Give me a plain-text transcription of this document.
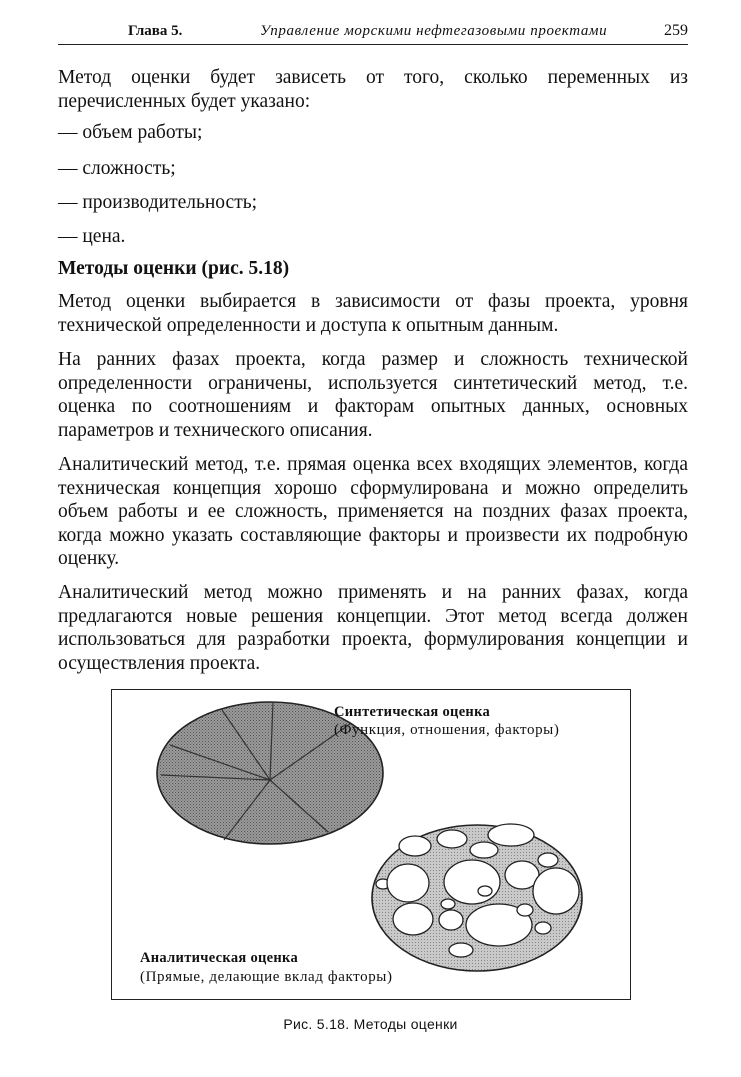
Глава 5.	Управление морскими нефтегазовыми проектами	259

Метод оценки будет зависеть от того, сколько переменных из перечисленных будет указано:

— объем работы;
— сложность;
— производительность;
— цена.
Методы оценки (рис. 5.18)

Метод оценки выбирается в зависимости от фазы проекта, уровня технической определенности и доступа к опытным данным.

На ранних фазах проекта, когда размер и сложность технической определенности ограничены, используется синтетический метод, т.е. оценка по соотношениям и факторам опытных данных, основных параметров и технического описания.

Аналитический метод, т.е. прямая оценка всех входящих элементов, когда техническая концепция хорошо сформулирована и можно определить объем работы и ее сложность, применяется на поздних фазах проекта, когда можно указать составляющие факторы и произвести их подробную оценку.

Аналитический метод можно применять и на ранних фазах, когда предлагаются новые решения концепции. Этот метод всегда должен использоваться для разработки проекта, формулирования концепции и осуществления проекта.

Синтетическая оценка
(Функция, отношения, факторы)
Аналитическая оценка
(Прямые, делающие вклад факторы)
Рис. 5.18. Методы оценки
